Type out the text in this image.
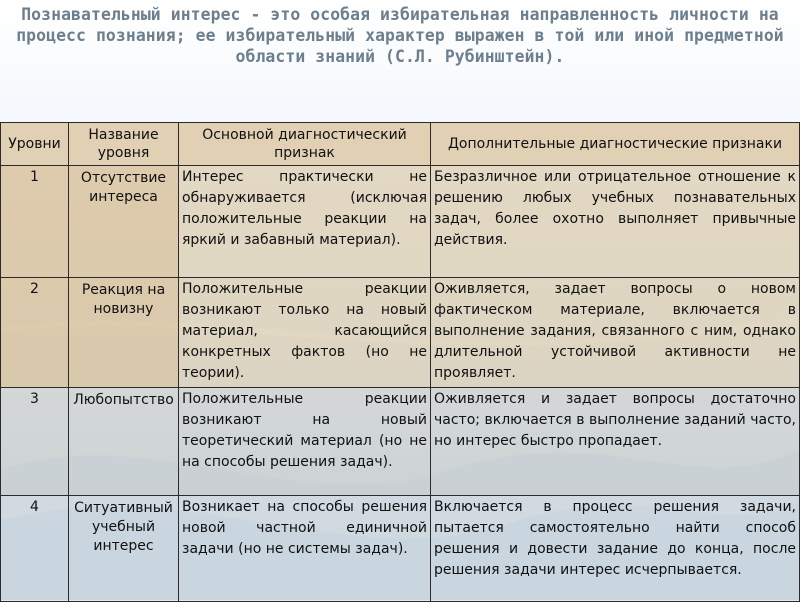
Познавательный интерес - это особая избирательная направленность личности на процесс познания; ее избирательный характер выражен в той или иной предметной области знаний (С.Л. Рубинштейн).
Уровни	Название уровня	Основной диагностический признак	Дополнительные диагностические признаки
1	Отсутствие интереса	Интерес практически не обнаруживается (исключая положительные реакции на яркий и забавный материал).	Безразличное или отрицательное отношение к решению любых учебных познавательных задач, более охотно выполняет привычные действия.
2	Реакция на новизну	Положительные реакции возникают только на новый материал, касающийся конкретных фактов (но не теории).	Оживляется, задает вопросы о новом фактическом материале, включается в выполнение задания, связанного с ним, однако длительной устойчивой активности не проявляет.
3	Любопытство	Положительные реакции возникают на новый теоретический материал (но не на способы решения задач).	Оживляется и задает вопросы достаточно часто; включается в выполнение заданий часто, но интерес быстро пропадает.
4	Ситуативный учебный интерес	Возникает на способы решения новой частной единичной задачи (но не системы задач).	Включается в процесс решения задачи, пытается самостоятельно найти способ решения и довести задание до конца, после решения задачи интерес исчерпывается.
